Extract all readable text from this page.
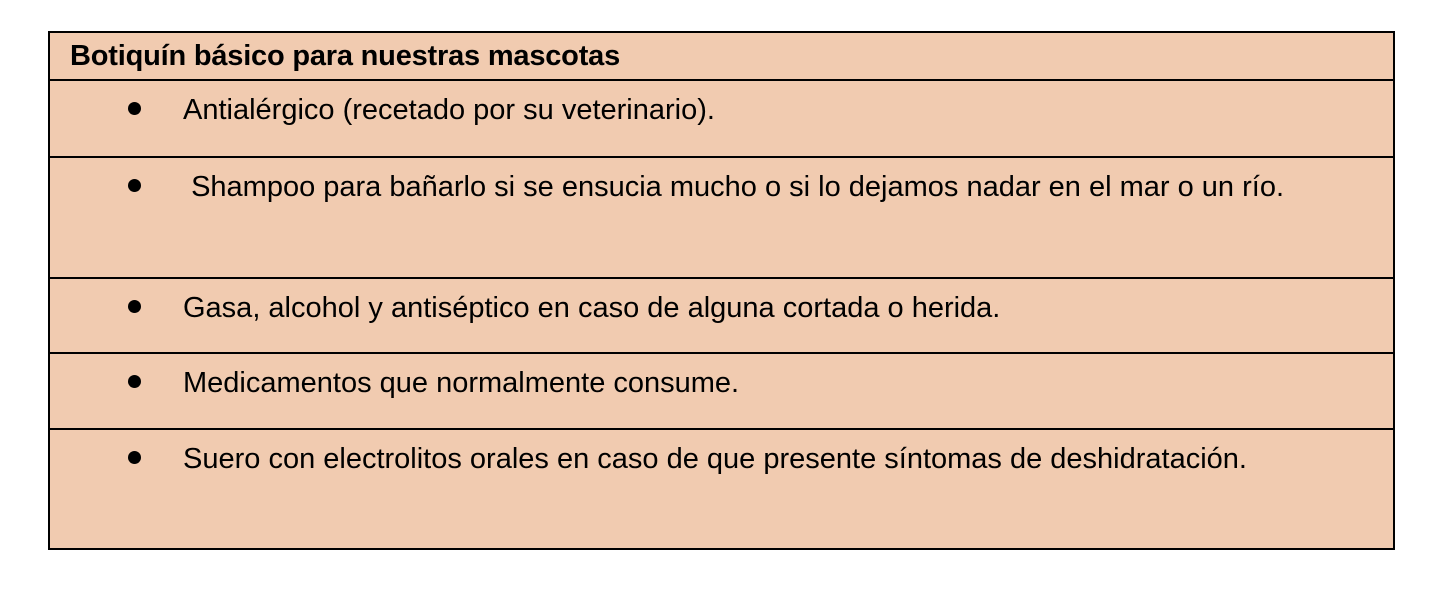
Botiquín básico para nuestras mascotas

Antialérgico (recetado por su veterinario).

Shampoo para bañarlo si se ensucia mucho o si lo dejamos nadar en el mar o un río.

Gasa, alcohol y antiséptico en caso de alguna cortada o herida.

Medicamentos que normalmente consume.

Suero con electrolitos orales en caso de que presente síntomas de deshidratación.
